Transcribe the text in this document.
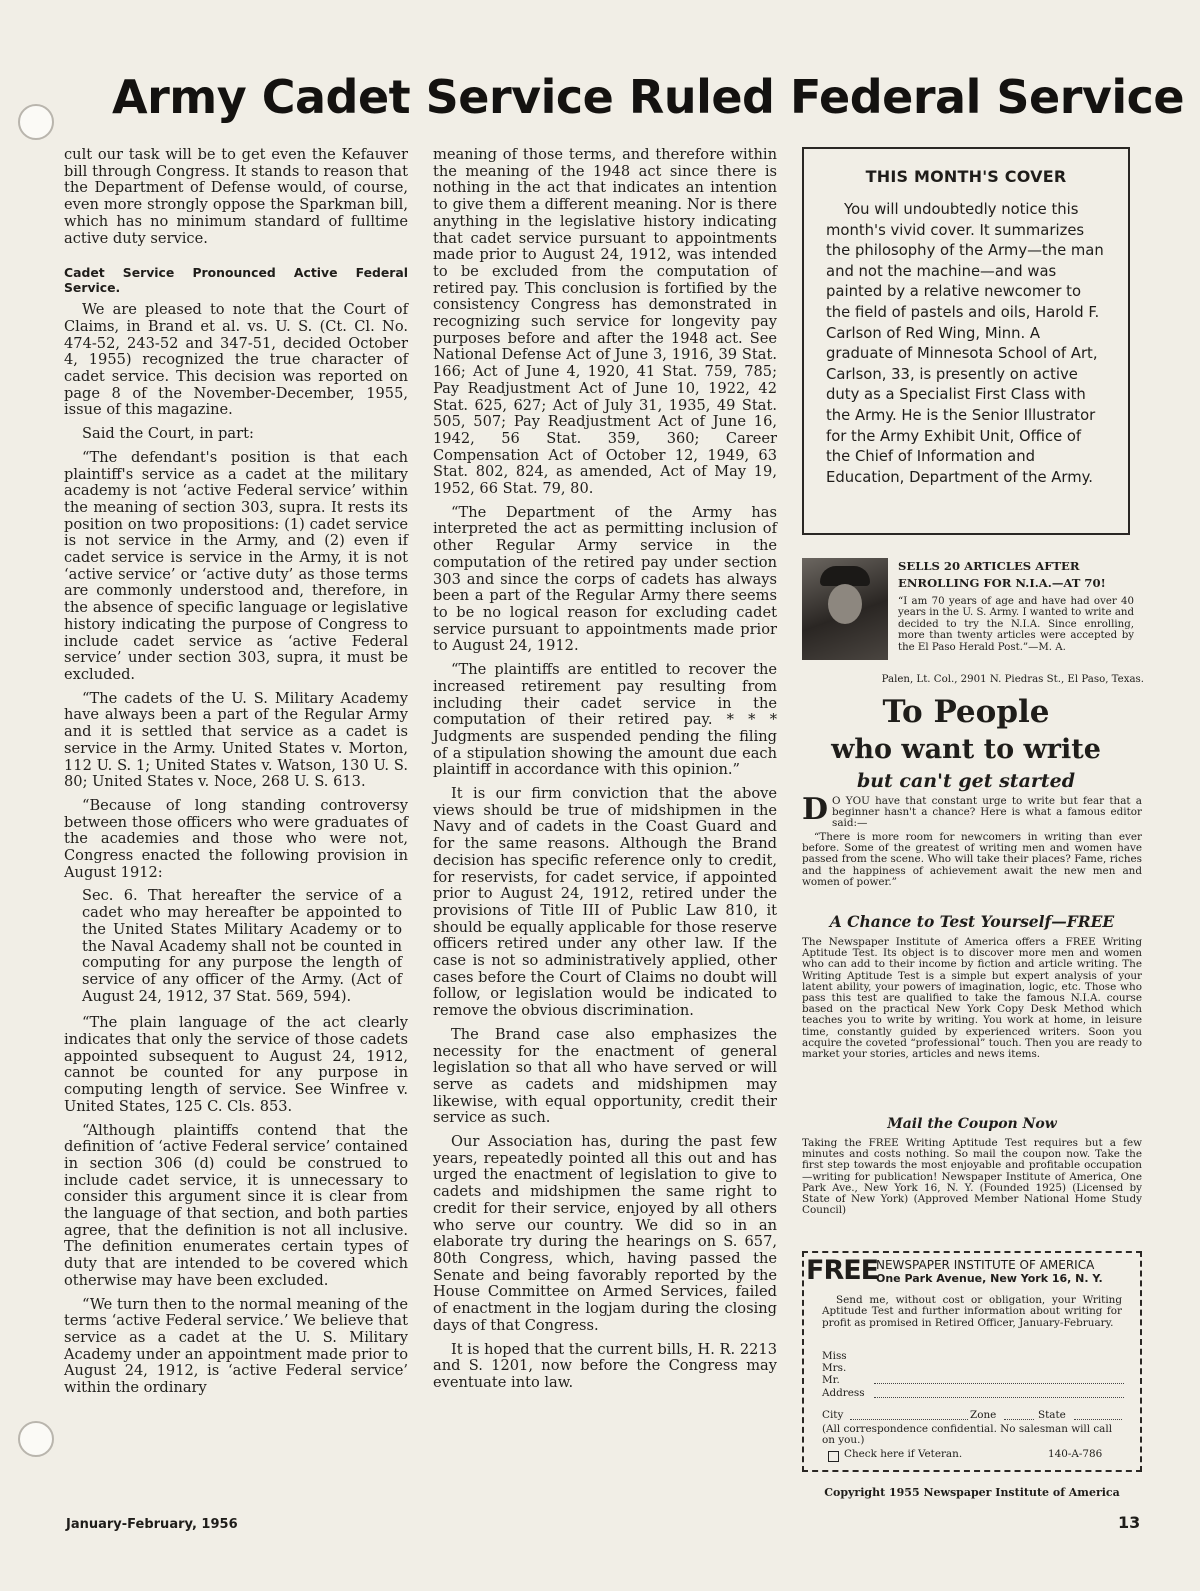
Army Cadet Service Ruled Federal Service

cult our task will be to get even the Kefauver bill through Congress. It stands to reason that the Department of Defense would, of course, even more strongly oppose the Sparkman bill, which has no minimum standard of fulltime active duty service.

Cadet Service Pronounced Active Federal Service.

We are pleased to note that the Court of Claims, in Brand et al. vs. U. S. (Ct. Cl. No. 474-52, 243-52 and 347-51, decided October 4, 1955) recognized the true character of cadet service. This decision was reported on page 8 of the November-December, 1955, issue of this magazine.

Said the Court, in part:

“The defendant's position is that each plaintiff's service as a cadet at the military academy is not ‘active Federal service’ within the meaning of section 303, supra. It rests its position on two propositions: (1) cadet service is not service in the Army, and (2) even if cadet service is service in the Army, it is not ‘active service’ or ‘active duty’ as those terms are commonly understood and, therefore, in the absence of specific language or legislative history indicating the purpose of Congress to include cadet service as ‘active Federal service’ under section 303, supra, it must be excluded.

“The cadets of the U. S. Military Academy have always been a part of the Regular Army and it is settled that service as a cadet is service in the Army. United States v. Morton, 112 U. S. 1; United States v. Watson, 130 U. S. 80; United States v. Noce, 268 U. S. 613.

“Because of long standing controversy between those officers who were graduates of the academies and those who were not, Congress enacted the following provision in August 1912:

Sec. 6. That hereafter the service of a cadet who may hereafter be appointed to the United States Military Academy or to the Naval Academy shall not be counted in computing for any purpose the length of service of any officer of the Army. (Act of August 24, 1912, 37 Stat. 569, 594).

“The plain language of the act clearly indicates that only the service of those cadets appointed subsequent to August 24, 1912, cannot be counted for any purpose in computing length of service. See Winfree v. United States, 125 C. Cls. 853.

“Although plaintiffs contend that the definition of ‘active Federal service’ contained in section 306 (d) could be construed to include cadet service, it is unnecessary to consider this argument since it is clear from the language of that section, and both parties agree, that the definition is not all inclusive. The definition enumerates certain types of duty that are intended to be covered which otherwise may have been excluded.

“We turn then to the normal meaning of the terms ‘active Federal service.’ We believe that service as a cadet at the U. S. Military Academy under an appointment made prior to August 24, 1912, is ‘active Federal service’ within the ordinary

meaning of those terms, and therefore within the meaning of the 1948 act since there is nothing in the act that indicates an intention to give them a different meaning. Nor is there anything in the legislative history indicating that cadet service pursuant to appointments made prior to August 24, 1912, was intended to be excluded from the computation of retired pay. This conclusion is fortified by the consistency Congress has demonstrated in recognizing such service for longevity pay purposes before and after the 1948 act. See National Defense Act of June 3, 1916, 39 Stat. 166; Act of June 4, 1920, 41 Stat. 759, 785; Pay Readjustment Act of June 10, 1922, 42 Stat. 625, 627; Act of July 31, 1935, 49 Stat. 505, 507; Pay Readjustment Act of June 16, 1942, 56 Stat. 359, 360; Career Compensation Act of October 12, 1949, 63 Stat. 802, 824, as amended, Act of May 19, 1952, 66 Stat. 79, 80.

“The Department of the Army has interpreted the act as permitting inclusion of other Regular Army service in the computation of the retired pay under section 303 and since the corps of cadets has always been a part of the Regular Army there seems to be no logical reason for excluding cadet service pursuant to appointments made prior to August 24, 1912.

“The plaintiffs are entitled to recover the increased retirement pay resulting from including their cadet service in the computation of their retired pay. * * * Judgments are suspended pending the filing of a stipulation showing the amount due each plaintiff in accordance with this opinion.”

It is our firm conviction that the above views should be true of midshipmen in the Navy and of cadets in the Coast Guard and for the same reasons. Although the Brand decision has specific reference only to credit, for reservists, for cadet service, if appointed prior to August 24, 1912, retired under the provisions of Title III of Public Law 810, it should be equally applicable for those reserve officers retired under any other law. If the case is not so administratively applied, other cases before the Court of Claims no doubt will follow, or legislation would be indicated to remove the obvious discrimination.

The Brand case also emphasizes the necessity for the enactment of general legislation so that all who have served or will serve as cadets and midshipmen may likewise, with equal opportunity, credit their service as such.

Our Association has, during the past few years, repeatedly pointed all this out and has urged the enactment of legislation to give to cadets and midshipmen the same right to credit for their service, enjoyed by all others who serve our country. We did so in an elaborate try during the hearings on S. 657, 80th Congress, which, having passed the Senate and being favorably reported by the House Committee on Armed Services, failed of enactment in the logjam during the closing days of that Congress.

It is hoped that the current bills, H. R. 2213 and S. 1201, now before the Congress may eventuate into law.

THIS MONTH'S COVER

You will undoubtedly notice this month's vivid cover. It summarizes the philosophy of the Army—the man and not the machine—and was painted by a relative newcomer to the field of pastels and oils, Harold F. Carlson of Red Wing, Minn. A graduate of Minnesota School of Art, Carlson, 33, is presently on active duty as a Specialist First Class with the Army. He is the Senior Illustrator for the Army Exhibit Unit, Office of the Chief of Information and Education, Department of the Army.

SELLS 20 ARTICLES AFTER
ENROLLING FOR N.I.A.—AT 70!
“I am 70 years of age and have had over 40 years in the U. S. Army. I wanted to write and decided to try the N.I.A. Since enrolling, more than twenty articles were accepted by the El Paso Herald Post.”—M. A.
Palen, Lt. Col., 2901 N. Piedras St., El Paso, Texas.
To People
who want to write
but can't get started
D O YOU have that constant urge to write but fear that a beginner hasn't a chance? Here is what a famous editor said:—
“There is more room for newcomers in writing than ever before. Some of the greatest of writing men and women have passed from the scene. Who will take their places? Fame, riches and the happiness of achievement await the new men and women of power.”
A Chance to Test Yourself—FREE
The Newspaper Institute of America offers a FREE Writing Aptitude Test. Its object is to discover more men and women who can add to their income by fiction and article writing. The Writing Aptitude Test is a simple but expert analysis of your latent ability, your powers of imagination, logic, etc. Those who pass this test are qualified to take the famous N.I.A. course based on the practical New York Copy Desk Method which teaches you to write by writing. You work at home, in leisure time, constantly guided by experienced writers. Soon you acquire the coveted “professional” touch. Then you are ready to market your stories, articles and news items.
Mail the Coupon Now
Taking the FREE Writing Aptitude Test requires but a few minutes and costs nothing. So mail the coupon now. Take the first step towards the most enjoyable and profitable occupation—writing for publication! Newspaper Institute of America, One Park Ave., New York 16, N. Y. (Founded 1925) (Licensed by State of New York) (Approved Member National Home Study Council)
FREE
NEWSPAPER INSTITUTE OF AMERICA
One Park Avenue, New York 16, N. Y.
Send me, without cost or obligation, your Writing Aptitude Test and further information about writing for profit as promised in Retired Officer, January-February.
Miss
Mrs.
Mr.
Address
City	Zone	State
(All correspondence confidential. No salesman will call on you.)
Check here if Veteran.	140-A-786
Copyright 1955 Newspaper Institute of America
January-February, 1956	13
